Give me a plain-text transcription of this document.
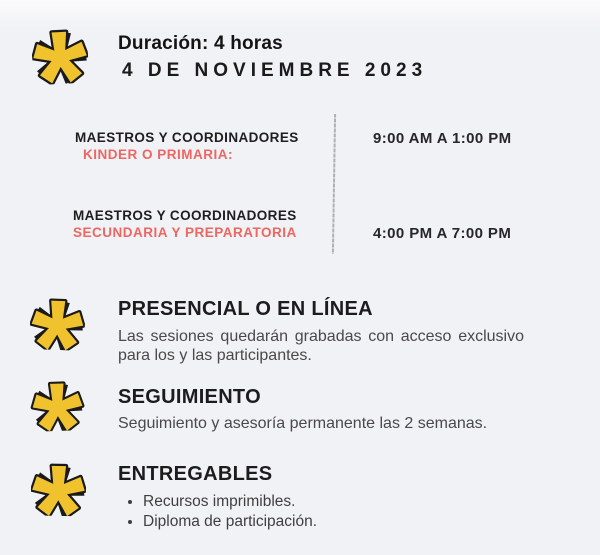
Duración: 4 horas
4 DE NOVIEMBRE 2023
MAESTROS Y COORDINADORES
KINDER O PRIMARIA:
9:00 AM A 1:00 PM
MAESTROS Y COORDINADORES
SECUNDARIA Y PREPARATORIA	4:00 PM A 7:00 PM
PRESENCIAL O EN LÍNEA
Las sesiones quedarán grabadas con acceso exclusivo
para los y las participantes.
SEGUIMIENTO
Seguimiento y asesoría permanente las 2 semanas.
ENTREGABLES
• Recursos imprimibles.
• Diploma de participación.
